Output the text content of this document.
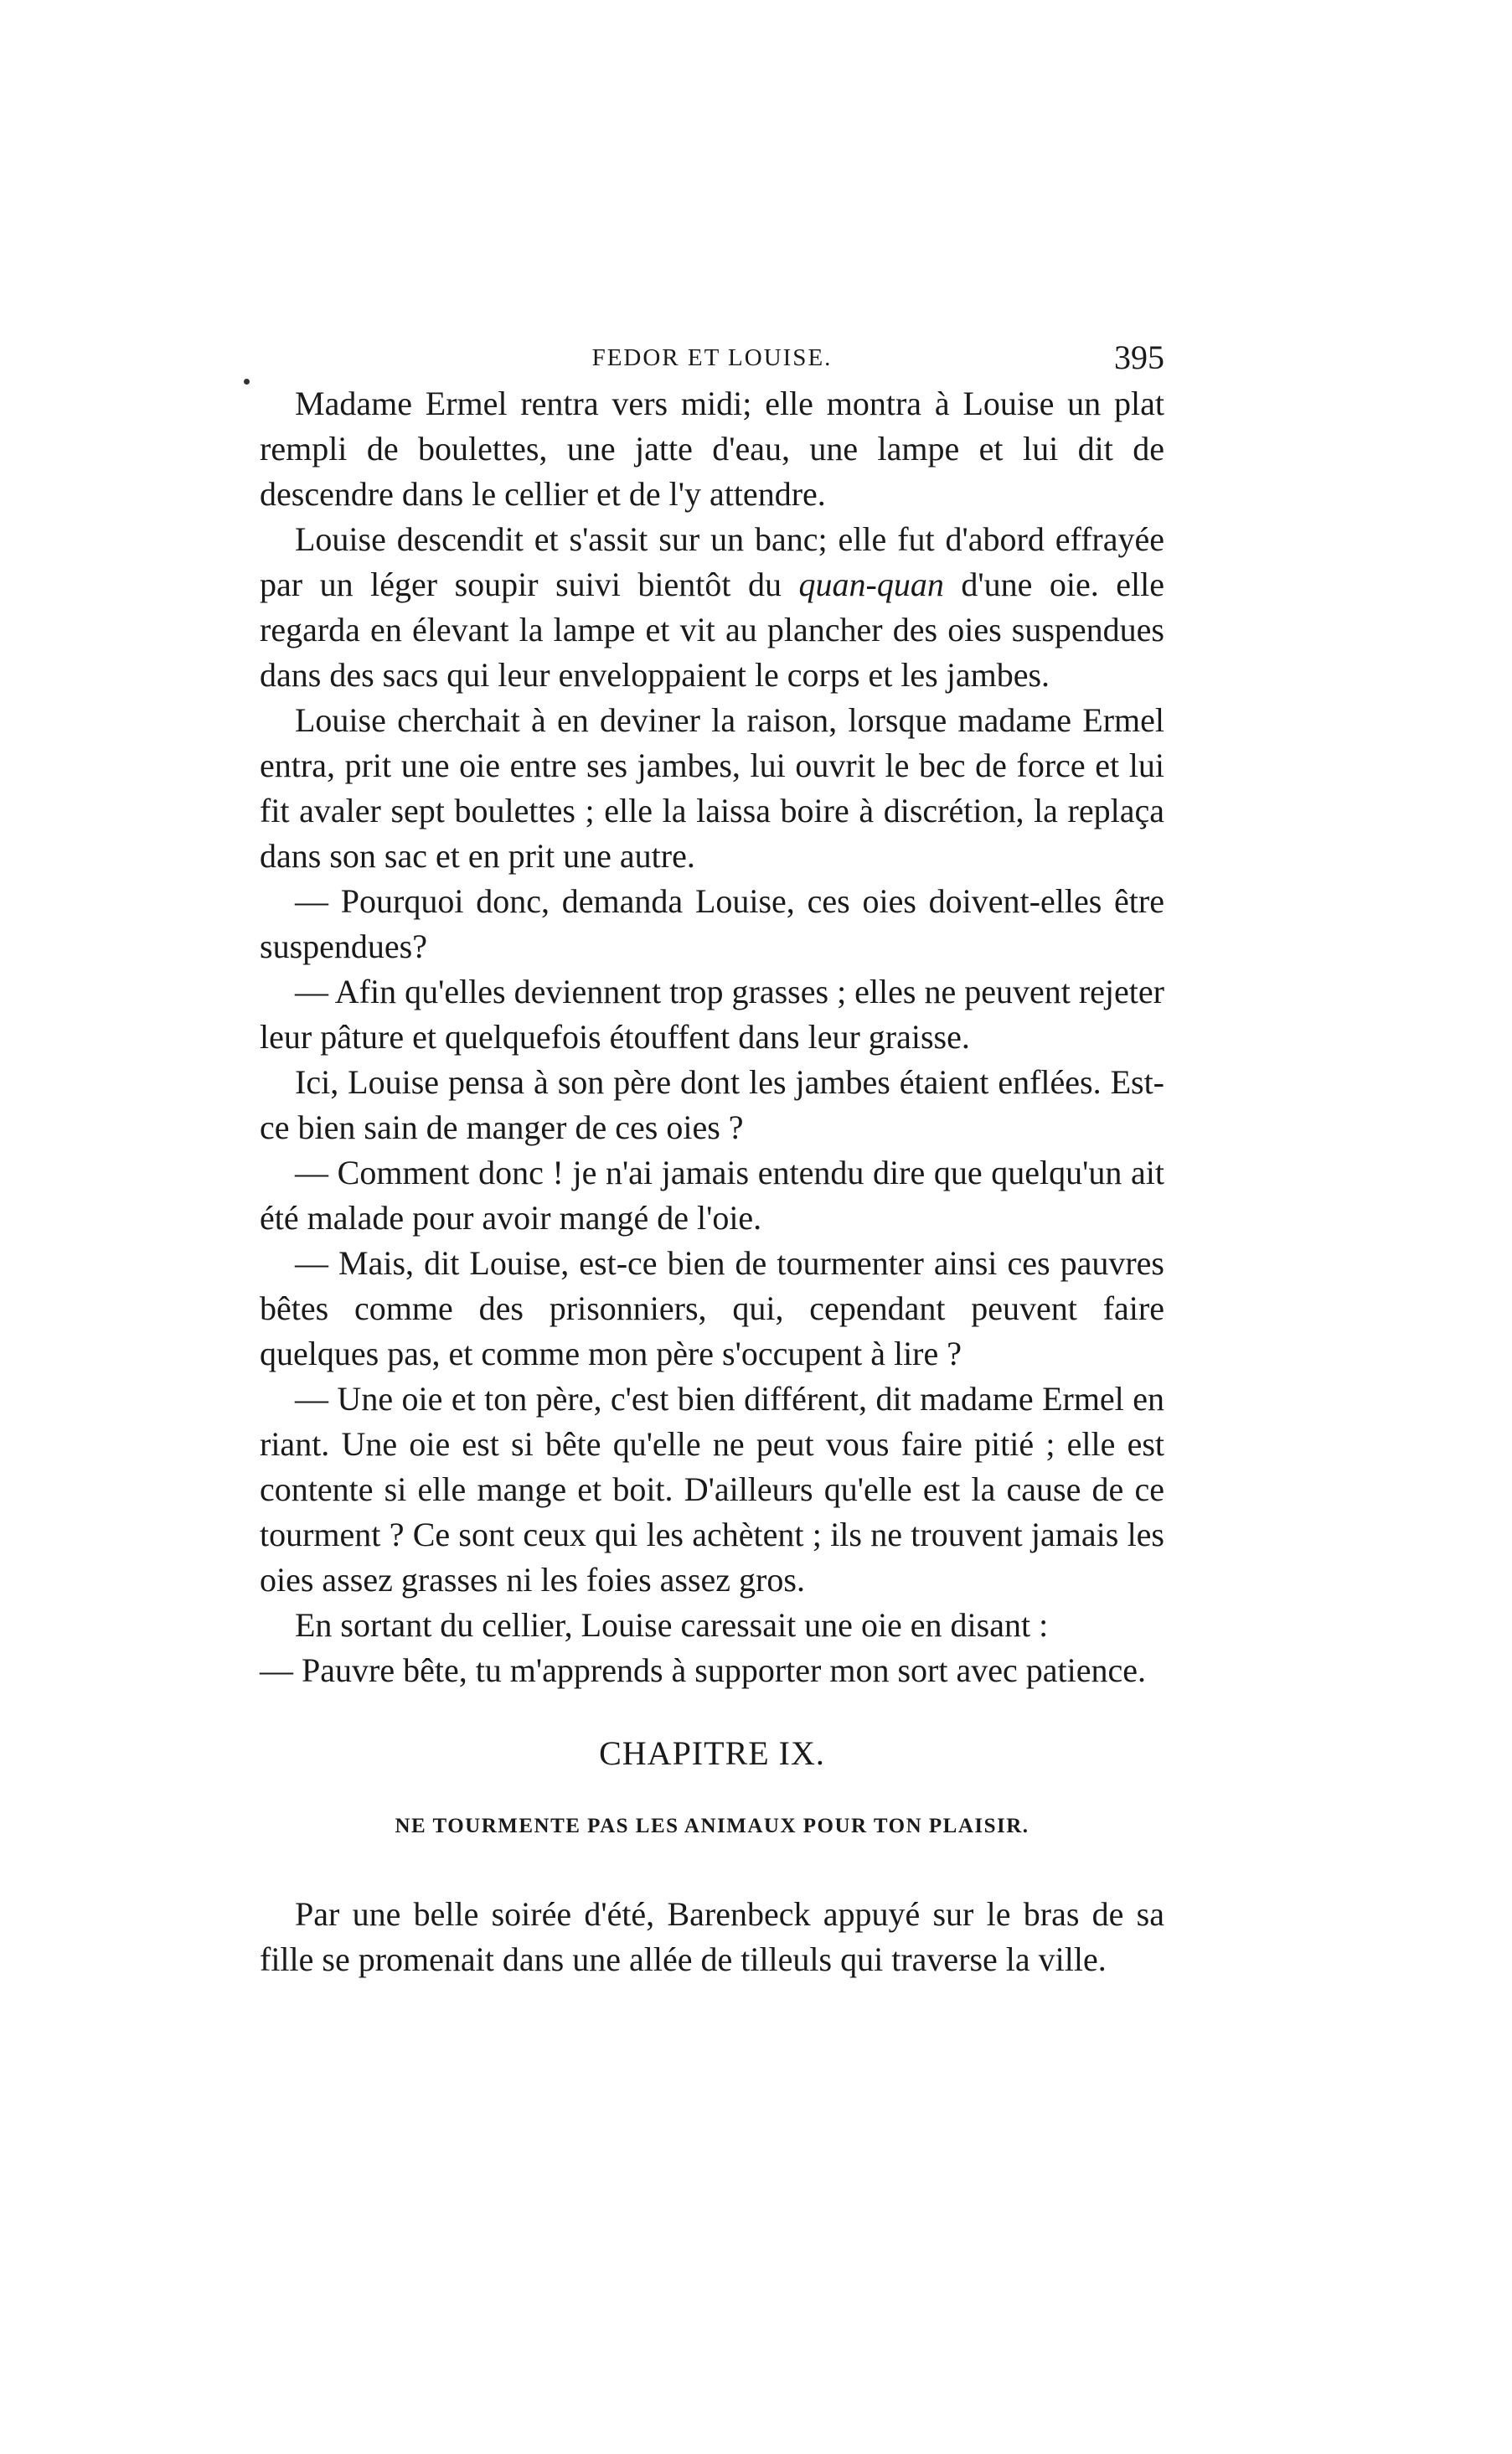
FEDOR ET LOUISE.	395

Madame Ermel rentra vers midi; elle montra à Louise un plat rempli de boulettes, une jatte d'eau, une lampe et lui dit de descendre dans le cellier et de l'y attendre.

Louise descendit et s'assit sur un banc; elle fut d'abord effrayée par un léger soupir suivi bientôt du quan-quan d'une oie. elle regarda en élevant la lampe et vit au plancher des oies suspendues dans des sacs qui leur enveloppaient le corps et les jambes.

Louise cherchait à en deviner la raison, lorsque madame Ermel entra, prit une oie entre ses jambes, lui ouvrit le bec de force et lui fit avaler sept boulettes ; elle la laissa boire à discrétion, la replaça dans son sac et en prit une autre.

— Pourquoi donc, demanda Louise, ces oies doivent-elles être suspendues?

— Afin qu'elles deviennent trop grasses ; elles ne peuvent rejeter leur pâture et quelquefois étouffent dans leur graisse.

Ici, Louise pensa à son père dont les jambes étaient enflées. Est-ce bien sain de manger de ces oies ?

— Comment donc ! je n'ai jamais entendu dire que quelqu'un ait été malade pour avoir mangé de l'oie.

— Mais, dit Louise, est-ce bien de tourmenter ainsi ces pauvres bêtes comme des prisonniers, qui, cependant peuvent faire quelques pas, et comme mon père s'occupent à lire ?

— Une oie et ton père, c'est bien différent, dit madame Ermel en riant. Une oie est si bête qu'elle ne peut vous faire pitié ; elle est contente si elle mange et boit. D'ailleurs qu'elle est la cause de ce tourment ? Ce sont ceux qui les achètent ; ils ne trouvent jamais les oies assez grasses ni les foies assez gros.

En sortant du cellier, Louise caressait une oie en disant :

— Pauvre bête, tu m'apprends à supporter mon sort avec patience.

CHAPITRE IX.
NE TOURMENTE PAS LES ANIMAUX POUR TON PLAISIR.

Par une belle soirée d'été, Barenbeck appuyé sur le bras de sa fille se promenait dans une allée de tilleuls qui traverse la ville.
